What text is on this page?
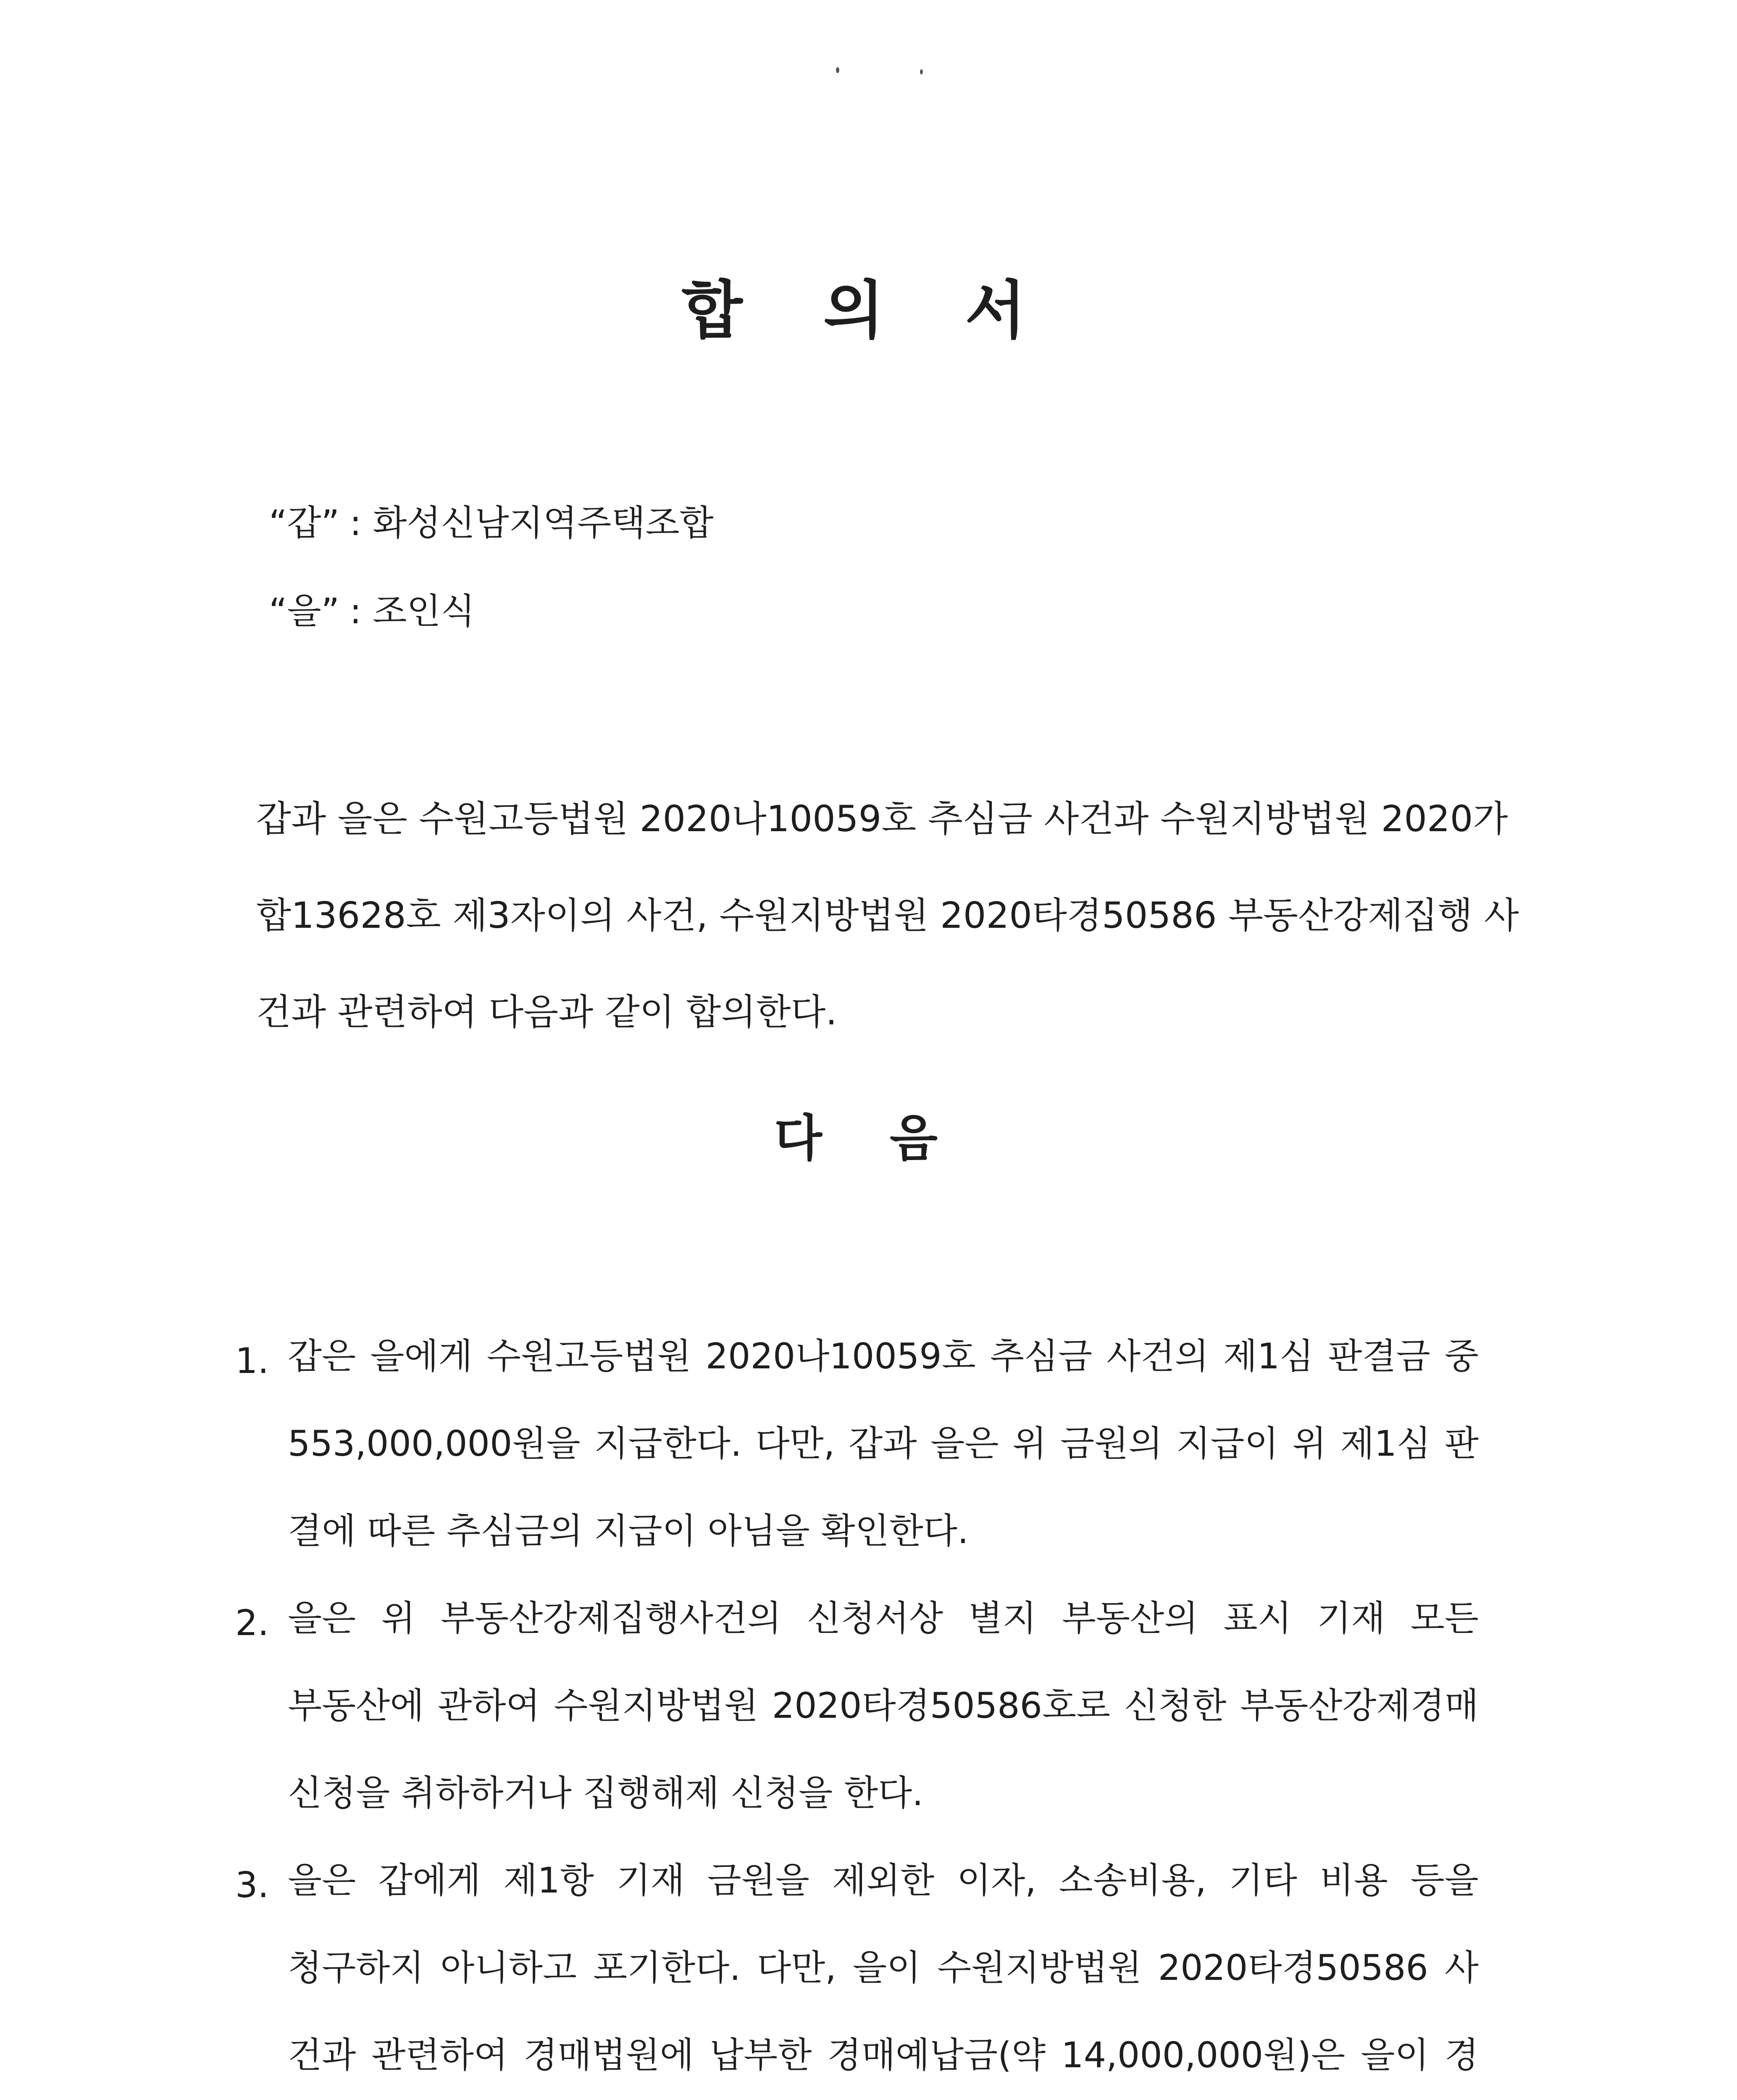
합 의 서
“갑” : 화성신남지역주택조합
“을” : 조인식
갑과 을은 수원고등법원 2020나10059호 추심금 사건과 수원지방법원 2020가
합13628호 제3자이의 사건, 수원지방법원 2020타경50586 부동산강제집행 사
건과 관련하여 다음과 같이 합의한다.
다 음
1. 갑은 을에게 수원고등법원 2020나10059호 추심금 사건의 제1심 판결금 중
553,000,000원을 지급한다. 다만, 갑과 을은 위 금원의 지급이 위 제1심 판
결에 따른 추심금의 지급이 아님을 확인한다.
2. 을은 위 부동산강제집행사건의 신청서상 별지 부동산의 표시 기재 모든
부동산에 관하여 수원지방법원 2020타경50586호로 신청한 부동산강제경매
신청을 취하하거나 집행해제 신청을 한다.
3. 을은 갑에게 제1항 기재 금원을 제외한 이자, 소송비용, 기타 비용 등을
청구하지 아니하고 포기한다. 다만, 을이 수원지방법원 2020타경50586 사
건과 관련하여 경매법원에 납부한 경매예납금(약 14,000,000원)은 을이 경
